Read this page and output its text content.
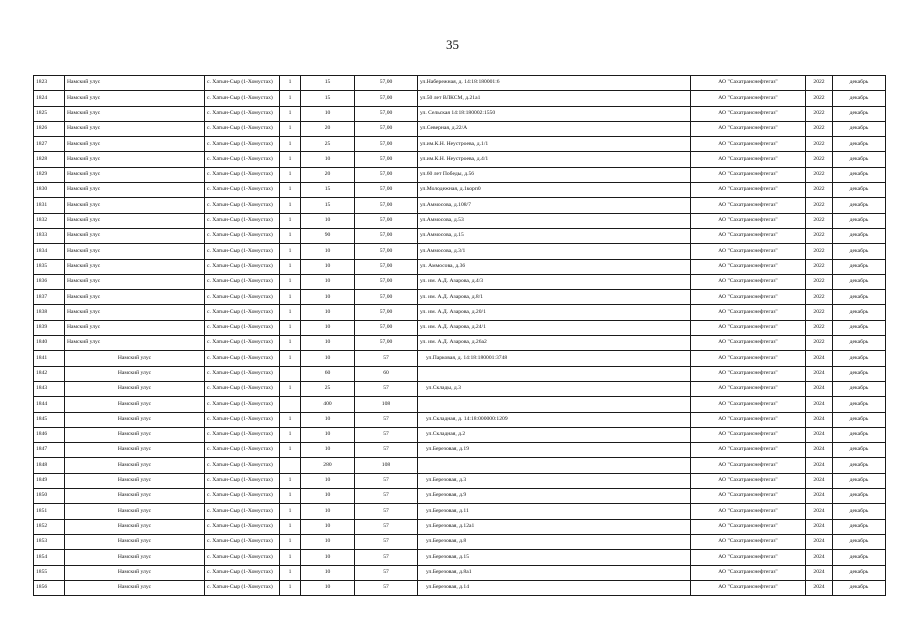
35
1823	Намский улус	с. Хатын-Сыр (1-Хомустах)	1	15	57,00	ул.Набережная, д. 14:18:180001:6	АО "Сахатранснефтегаз"	2022	декабрь
1824	Намский улус	с. Хатын-Сыр (1-Хомустах)	1	15	57,00	ул.50 лет ВЛКСМ, д.21а1	АО "Сахатранснефтегаз"	2022	декабрь
1825	Намский улус	с. Хатын-Сыр (1-Хомустах)	1	10	57,00	ул. Сельская 14:18:180002:1550	АО "Сахатранснефтегаз"	2022	декабрь
1826	Намский улус	с. Хатын-Сыр (1-Хомустах)	1	20	57,00	ул.Северная, д.22/A	АО "Сахатранснефтегаз"	2022	декабрь
1827	Намский улус	с. Хатын-Сыр (1-Хомустах)	1	25	57,00	ул.им.К.Н. Неустроева, д.1/1	АО "Сахатранснефтегаз"	2022	декабрь
1828	Намский улус	с. Хатын-Сыр (1-Хомустах)	1	10	57,00	ул.им.К.Н. Неустроева, д.4/1	АО "Сахатранснефтегаз"	2022	декабрь
1829	Намский улус	с. Хатын-Сыр (1-Хомустах)	1	20	57,00	ул.60 лет Победы, д.56	АО "Сахатранснефтегаз"	2022	декабрь
1830	Намский улус	с. Хатын-Сыр (1-Хомустах)	1	15	57,00	ул.Молодежная, д.1корп0	АО "Сахатранснефтегаз"	2022	декабрь
1831	Намский улус	с. Хатын-Сыр (1-Хомустах)	1	15	57,00	ул.Аммосова, д.108/7	АО "Сахатранснефтегаз"	2022	декабрь
1832	Намский улус	с. Хатын-Сыр (1-Хомустах)	1	10	57,00	ул.Аммосова, д.53	АО "Сахатранснефтегаз"	2022	декабрь
1833	Намский улус	с. Хатын-Сыр (1-Хомустах)	1	90	57,00	ул.Аммосова, д.15	АО "Сахатранснефтегаз"	2022	декабрь
1834	Намский улус	с. Хатын-Сыр (1-Хомустах)	1	10	57,00	ул.Аммосова, д.3/1	АО "Сахатранснефтегаз"	2022	декабрь
1835	Намский улус	с. Хатын-Сыр (1-Хомустах)	1	10	57,00	ул. Аммосова, д.36	АО "Сахатранснефтегаз"	2022	декабрь
1836	Намский улус	с. Хатын-Сыр (1-Хомустах)	1	10	57,00	ул. им. А.Д. Азарова, д.4/3	АО "Сахатранснефтегаз"	2022	декабрь
1837	Намский улус	с. Хатын-Сыр (1-Хомустах)	1	10	57,00	ул. им. А.Д. Азарова, д.8/1	АО "Сахатранснефтегаз"	2022	декабрь
1838	Намский улус	с. Хатын-Сыр (1-Хомустах)	1	10	57,00	ул. им. А.Д. Азарова, д.20/1	АО "Сахатранснефтегаз"	2022	декабрь
1839	Намский улус	с. Хатын-Сыр (1-Хомустах)	1	10	57,00	ул. им. А.Д. Азарова, д.24/1	АО "Сахатранснефтегаз"	2022	декабрь
1840	Намский улус	с. Хатын-Сыр (1-Хомустах)	1	10	57,00	ул. им. А.Д. Азарова, д.26а2	АО "Сахатранснефтегаз"	2022	декабрь
1841	Намский улус	с. Хатын-Сыр (1-Хомустах)	1	10	57	ул.Парковая, д. 14:18:180001:3748	АО "Сахатранснефтегаз"	2024	декабрь
1842	Намский улус	с. Хатын-Сыр (1-Хомустах)		60	60		АО "Сахатранснефтегаз"	2024	декабрь
1843	Намский улус	с. Хатын-Сыр (1-Хомустах)	1	25	57	ул.Склады, д.3	АО "Сахатранснефтегаз"	2024	декабрь
1844	Намский улус	с. Хатын-Сыр (1-Хомустах)		400	108		АО "Сахатранснефтегаз"	2024	декабрь
1845	Намский улус	с. Хатын-Сыр (1-Хомустах)	1	10	57	ул.Складная, д. 14:18:000000:1209	АО "Сахатранснефтегаз"	2024	декабрь
1846	Намский улус	с. Хатын-Сыр (1-Хомустах)	1	10	57	ул.Складная, д.2	АО "Сахатранснефтегаз"	2024	декабрь
1847	Намский улус	с. Хатын-Сыр (1-Хомустах)	1	10	57	ул.Березовая, д.19	АО "Сахатранснефтегаз"	2024	декабрь
1848	Намский улус	с. Хатын-Сыр (1-Хомустах)		280	108		АО "Сахатранснефтегаз"	2024	декабрь
1849	Намский улус	с. Хатын-Сыр (1-Хомустах)	1	10	57	ул.Березовая, д.3	АО "Сахатранснефтегаз"	2024	декабрь
1850	Намский улус	с. Хатын-Сыр (1-Хомустах)	1	10	57	ул.Березовая, д.9	АО "Сахатранснефтегаз"	2024	декабрь
1851	Намский улус	с. Хатын-Сыр (1-Хомустах)	1	10	57	ул.Березовая, д.11	АО "Сахатранснефтегаз"	2024	декабрь
1852	Намский улус	с. Хатын-Сыр (1-Хомустах)	1	10	57	ул.Березовая, д.12а1	АО "Сахатранснефтегаз"	2024	декабрь
1853	Намский улус	с. Хатын-Сыр (1-Хомустах)	1	10	57	ул.Березовая, д.8	АО "Сахатранснефтегаз"	2024	декабрь
1854	Намский улус	с. Хатын-Сыр (1-Хомустах)	1	10	57	ул.Березовая, д.15	АО "Сахатранснефтегаз"	2024	декабрь
1855	Намский улус	с. Хатын-Сыр (1-Хомустах)	1	10	57	ул.Березовая, д.8а1	АО "Сахатранснефтегаз"	2024	декабрь
1856	Намский улус	с. Хатын-Сыр (1-Хомустах)	1	10	57	ул.Березовая, д.14	АО "Сахатранснефтегаз"	2024	декабрь
